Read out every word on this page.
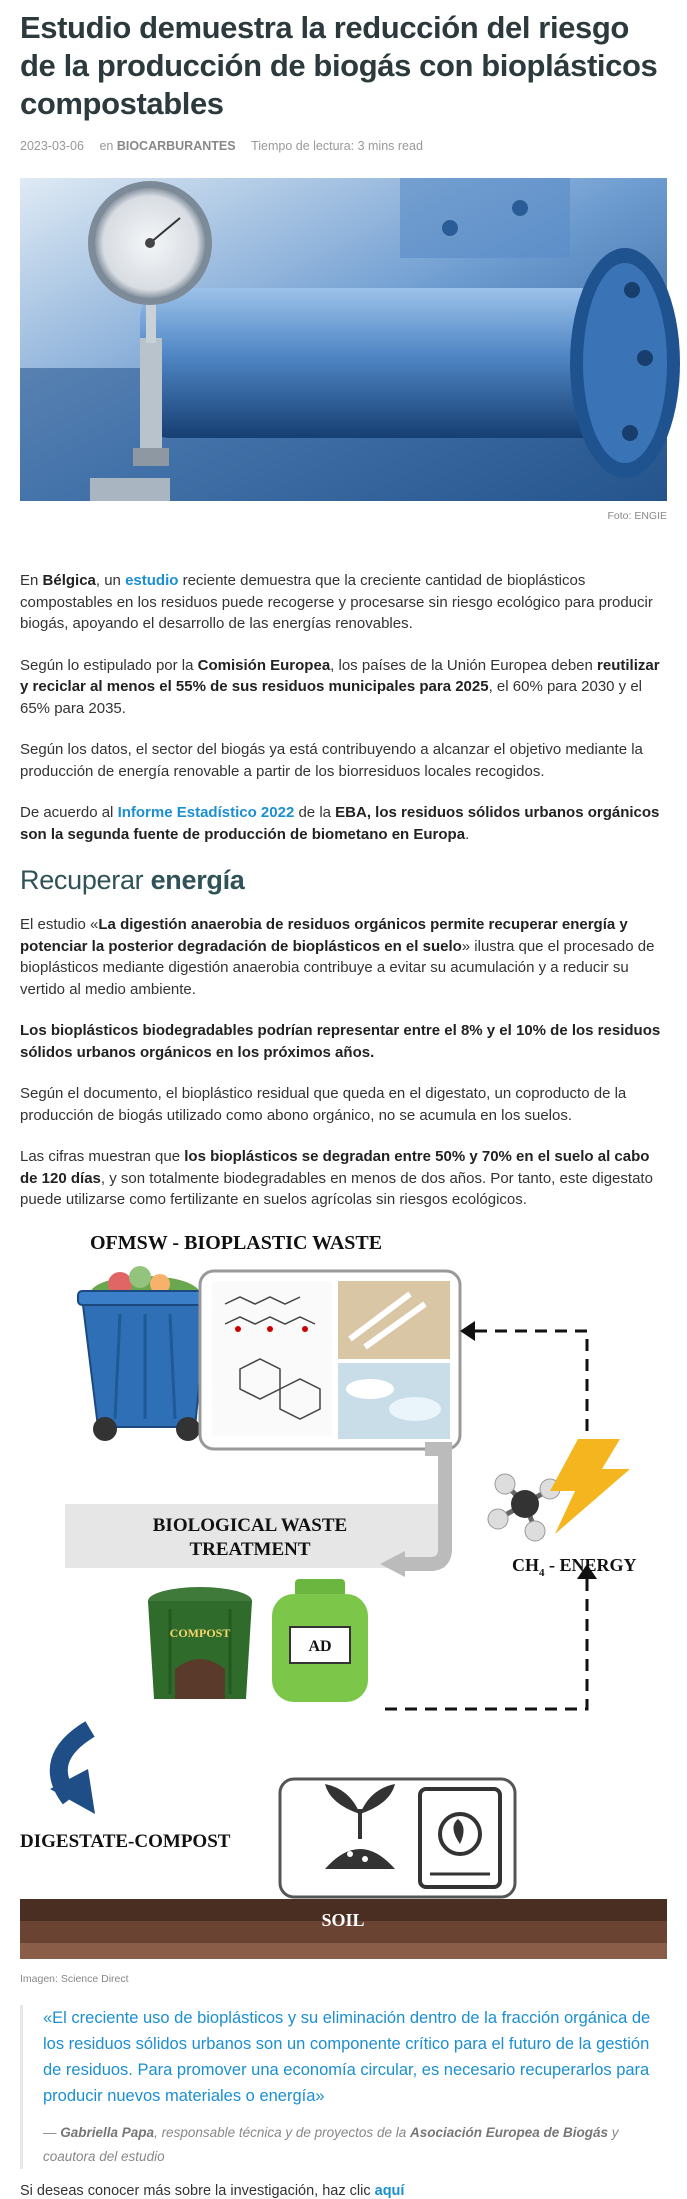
Estudio demuestra la reducción del riesgo de la producción de biogás con bioplásticos compostables
2023-03-06 en BIOCARBURANTES Tiempo de lectura: 3 mins read
Foto: ENGIE

En Bélgica, un estudio reciente demuestra que la creciente cantidad de bioplásticos compostables en los residuos puede recogerse y procesarse sin riesgo ecológico para producir biogás, apoyando el desarrollo de las energías renovables.

Según lo estipulado por la Comisión Europea, los países de la Unión Europea deben reutilizar y reciclar al menos el 55% de sus residuos municipales para 2025, el 60% para 2030 y el 65% para 2035.

Según los datos, el sector del biogás ya está contribuyendo a alcanzar el objetivo mediante la producción de energía renovable a partir de los biorresiduos locales recogidos.

De acuerdo al Informe Estadístico 2022 de la EBA, los residuos sólidos urbanos orgánicos son la segunda fuente de producción de biometano en Europa.

Recuperar energía

El estudio «La digestión anaerobia de residuos orgánicos permite recuperar energía y potenciar la posterior degradación de bioplásticos en el suelo» ilustra que el procesado de bioplásticos mediante digestión anaerobia contribuye a evitar su acumulación y a reducir su vertido al medio ambiente.

Los bioplásticos biodegradables podrían representar entre el 8% y el 10% de los residuos sólidos urbanos orgánicos en los próximos años.

Según el documento, el bioplástico residual que queda en el digestato, un coproducto de la producción de biogás utilizado como abono orgánico, no se acumula en los suelos.

Las cifras muestran que los bioplásticos se degradan entre 50% y 70% en el suelo al cabo de 120 días, y son totalmente biodegradables en menos de dos años. Por tanto, este digestato puede utilizarse como fertilizante en suelos agrícolas sin riesgos ecológicos.

OFMSW - BIOPLASTIC WASTE
$CH_4$ - ENERGY
BIOLOGICAL WASTE
TREATMENT
COMPOST
AD
DIGESTATE-COMPOST
SOIL
Imagen: Science Direct
«El creciente uso de bioplásticos y su eliminación dentro de la fracción orgánica de los residuos sólidos urbanos son un componente crítico para el futuro de la gestión de residuos. Para promover una economía circular, es necesario recuperarlos para producir nuevos materiales o energía»
— Gabriella Papa, responsable técnica y de proyectos de la Asociación Europea de Biogás y coautora del estudio

Si deseas conocer más sobre la investigación, haz clic aquí
